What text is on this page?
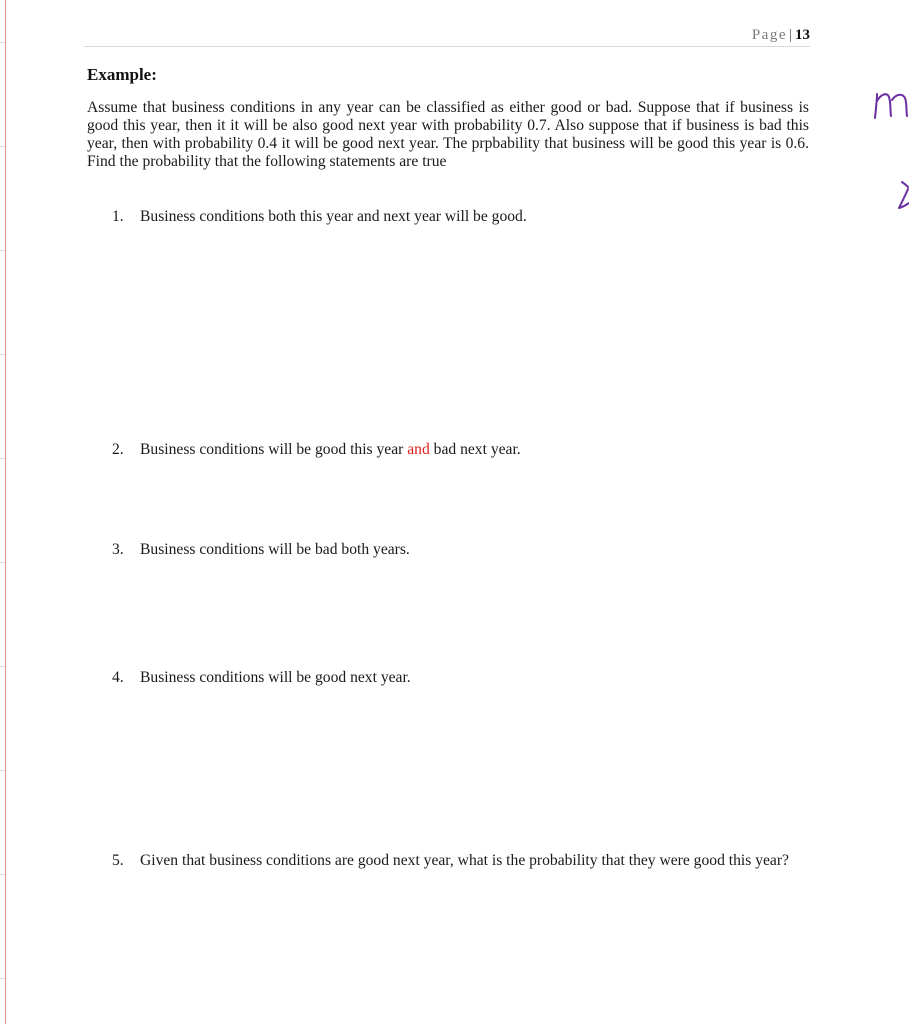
Page | 13
Example:
Assume that business conditions in any year can be classified as either good or bad. Suppose that if business is good this year, then it it will be also good next year with probability 0.7. Also suppose that if business is bad this year, then with probability 0.4 it will be good next year. The prpbability that business will be good this year is 0.6. Find the probability that the following statements are true
1.	Business conditions both this year and next year will be good.
2.	Business conditions will be good this year and bad next year.
3.	Business conditions will be bad both years.
4.	Business conditions will be good next year.
5.	Given that business conditions are good next year, what is the probability that they were good this year?
